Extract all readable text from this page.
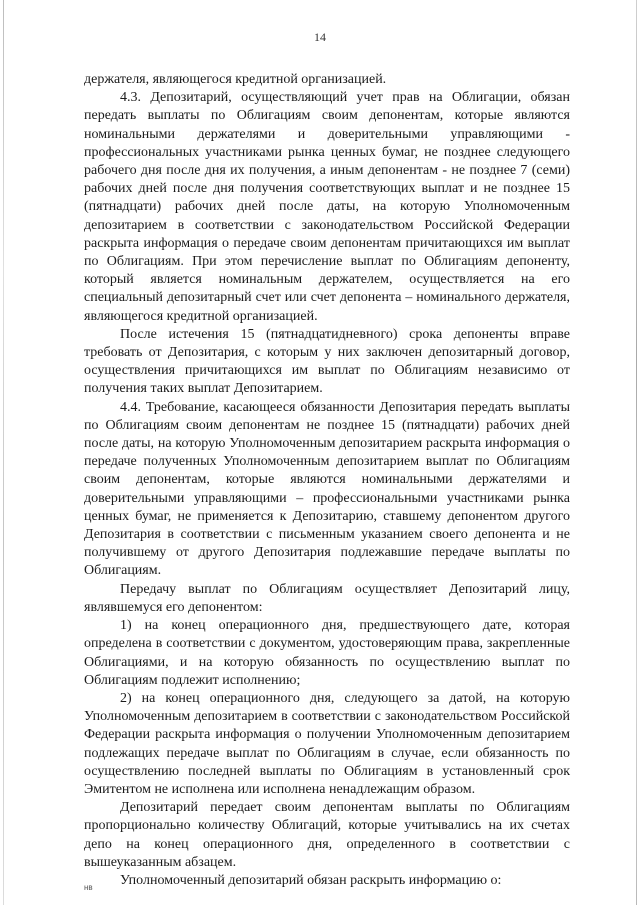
14

держателя, являющегося кредитной организацией.

4.3. Депозитарий, осуществляющий учет прав на Облигации, обязан передать выплаты по Облигациям своим депонентам, которые являются номинальными держателями и доверительными управляющими - профессиональных участниками рынка ценных бумаг, не позднее следующего рабочего дня после дня их получения, а иным депонентам - не позднее 7 (семи) рабочих дней после дня получения соответствующих выплат и не позднее 15 (пятнадцати) рабочих дней после даты, на которую Уполномоченным депозитарием в соответствии с законодательством Российской Федерации раскрыта информация о передаче своим депонентам причитающихся им выплат по Облигациям. При этом перечисление выплат по Облигациям депоненту, который является номинальным держателем, осуществляется на его специальный депозитарный счет или счет депонента – номинального держателя, являющегося кредитной организацией.

После истечения 15 (пятнадцатидневного) срока депоненты вправе требовать от Депозитария, с которым у них заключен депозитарный договор, осуществления причитающихся им выплат по Облигациям независимо от получения таких выплат Депозитарием.

4.4. Требование, касающееся обязанности Депозитария передать выплаты по Облигациям своим депонентам не позднее 15 (пятнадцати) рабочих дней после даты, на которую Уполномоченным депозитарием раскрыта информация о передаче полученных Уполномоченным депозитарием выплат по Облигациям своим депонентам, которые являются номинальными держателями и доверительными управляющими – профессиональными участниками рынка ценных бумаг, не применяется к Депозитарию, ставшему депонентом другого Депозитария в соответствии с письменным указанием своего депонента и не получившему от другого Депозитария подлежавшие передаче выплаты по Облигациям.

Передачу выплат по Облигациям осуществляет Депозитарий лицу, являвшемуся его депонентом:

1) на конец операционного дня, предшествующего дате, которая определена в соответствии с документом, удостоверяющим права, закрепленные Облигациями, и на которую обязанность по осуществлению выплат по Облигациям подлежит исполнению;

2) на конец операционного дня, следующего за датой, на которую Уполномоченным депозитарием в соответствии с законодательством Российской Федерации раскрыта информация о получении Уполномоченным депозитарием подлежащих передаче выплат по Облигациям в случае, если обязанность по осуществлению последней выплаты по Облигациям в установленный срок Эмитентом не исполнена или исполнена ненадлежащим образом.

Депозитарий передает своим депонентам выплаты по Облигациям пропорционально количеству Облигаций, которые учитывались на их счетах депо на конец операционного дня, определенного в соответствии с вышеуказанным абзацем.

Уполномоченный депозитарий обязан раскрыть информацию о:

нв
